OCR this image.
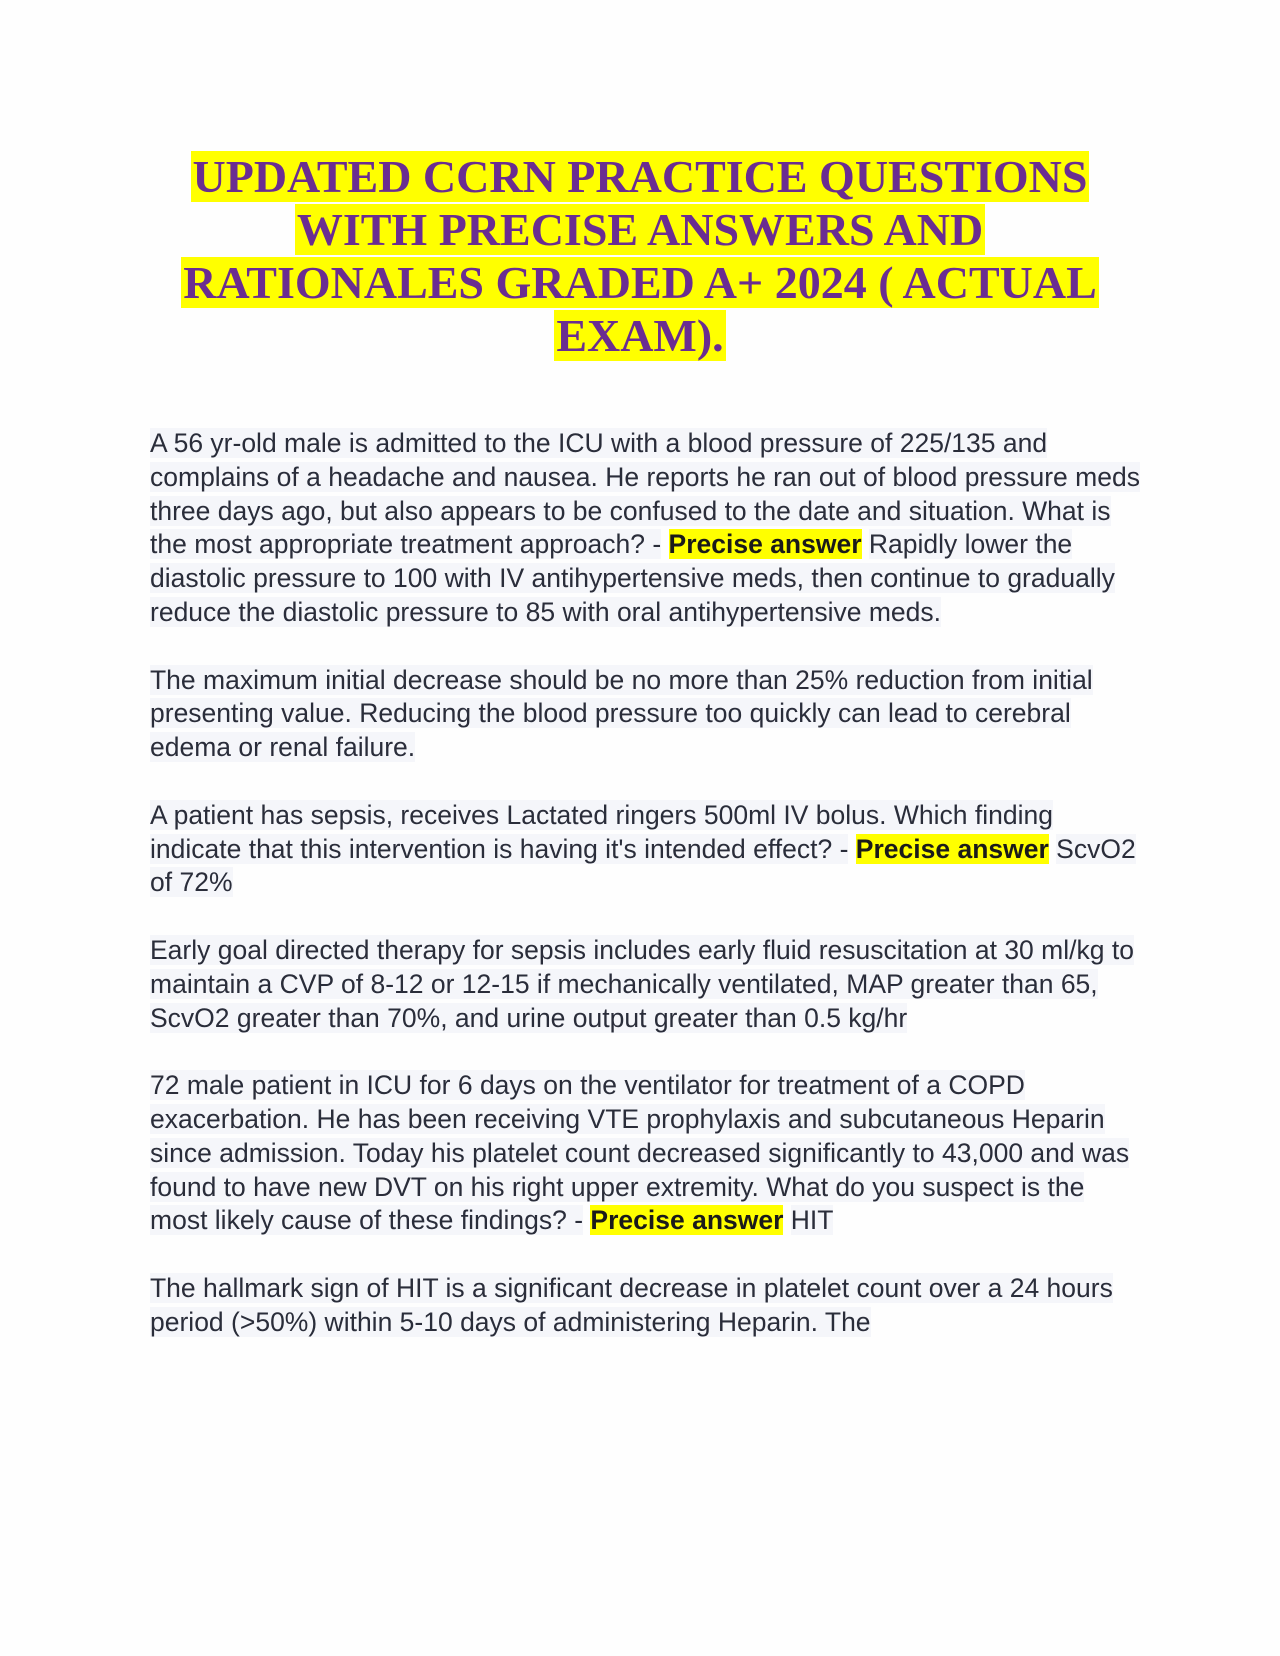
UPDATED CCRN PRACTICE QUESTIONS WITH PRECISE ANSWERS AND RATIONALES GRADED A+ 2024 ( ACTUAL EXAM).

A 56 yr-old male is admitted to the ICU with a blood pressure of 225/135 and complains of a headache and nausea. He reports he ran out of blood pressure meds three days ago, but also appears to be confused to the date and situation. What is the most appropriate treatment approach? - Precise answer Rapidly lower the diastolic pressure to 100 with IV antihypertensive meds, then continue to gradually reduce the diastolic pressure to 85 with oral antihypertensive meds.

The maximum initial decrease should be no more than 25% reduction from initial presenting value. Reducing the blood pressure too quickly can lead to cerebral edema or renal failure.

A patient has sepsis, receives Lactated ringers 500ml IV bolus. Which finding indicate that this intervention is having it's intended effect? - Precise answer ScvO2 of 72%

Early goal directed therapy for sepsis includes early fluid resuscitation at 30 ml/kg to maintain a CVP of 8-12 or 12-15 if mechanically ventilated, MAP greater than 65, ScvO2 greater than 70%, and urine output greater than 0.5 kg/hr

72 male patient in ICU for 6 days on the ventilator for treatment of a COPD exacerbation. He has been receiving VTE prophylaxis and subcutaneous Heparin since admission. Today his platelet count decreased significantly to 43,000 and was found to have new DVT on his right upper extremity. What do you suspect is the most likely cause of these findings? - Precise answer HIT

The hallmark sign of HIT is a significant decrease in platelet count over a 24 hours period (>50%) within 5-10 days of administering Heparin. The
